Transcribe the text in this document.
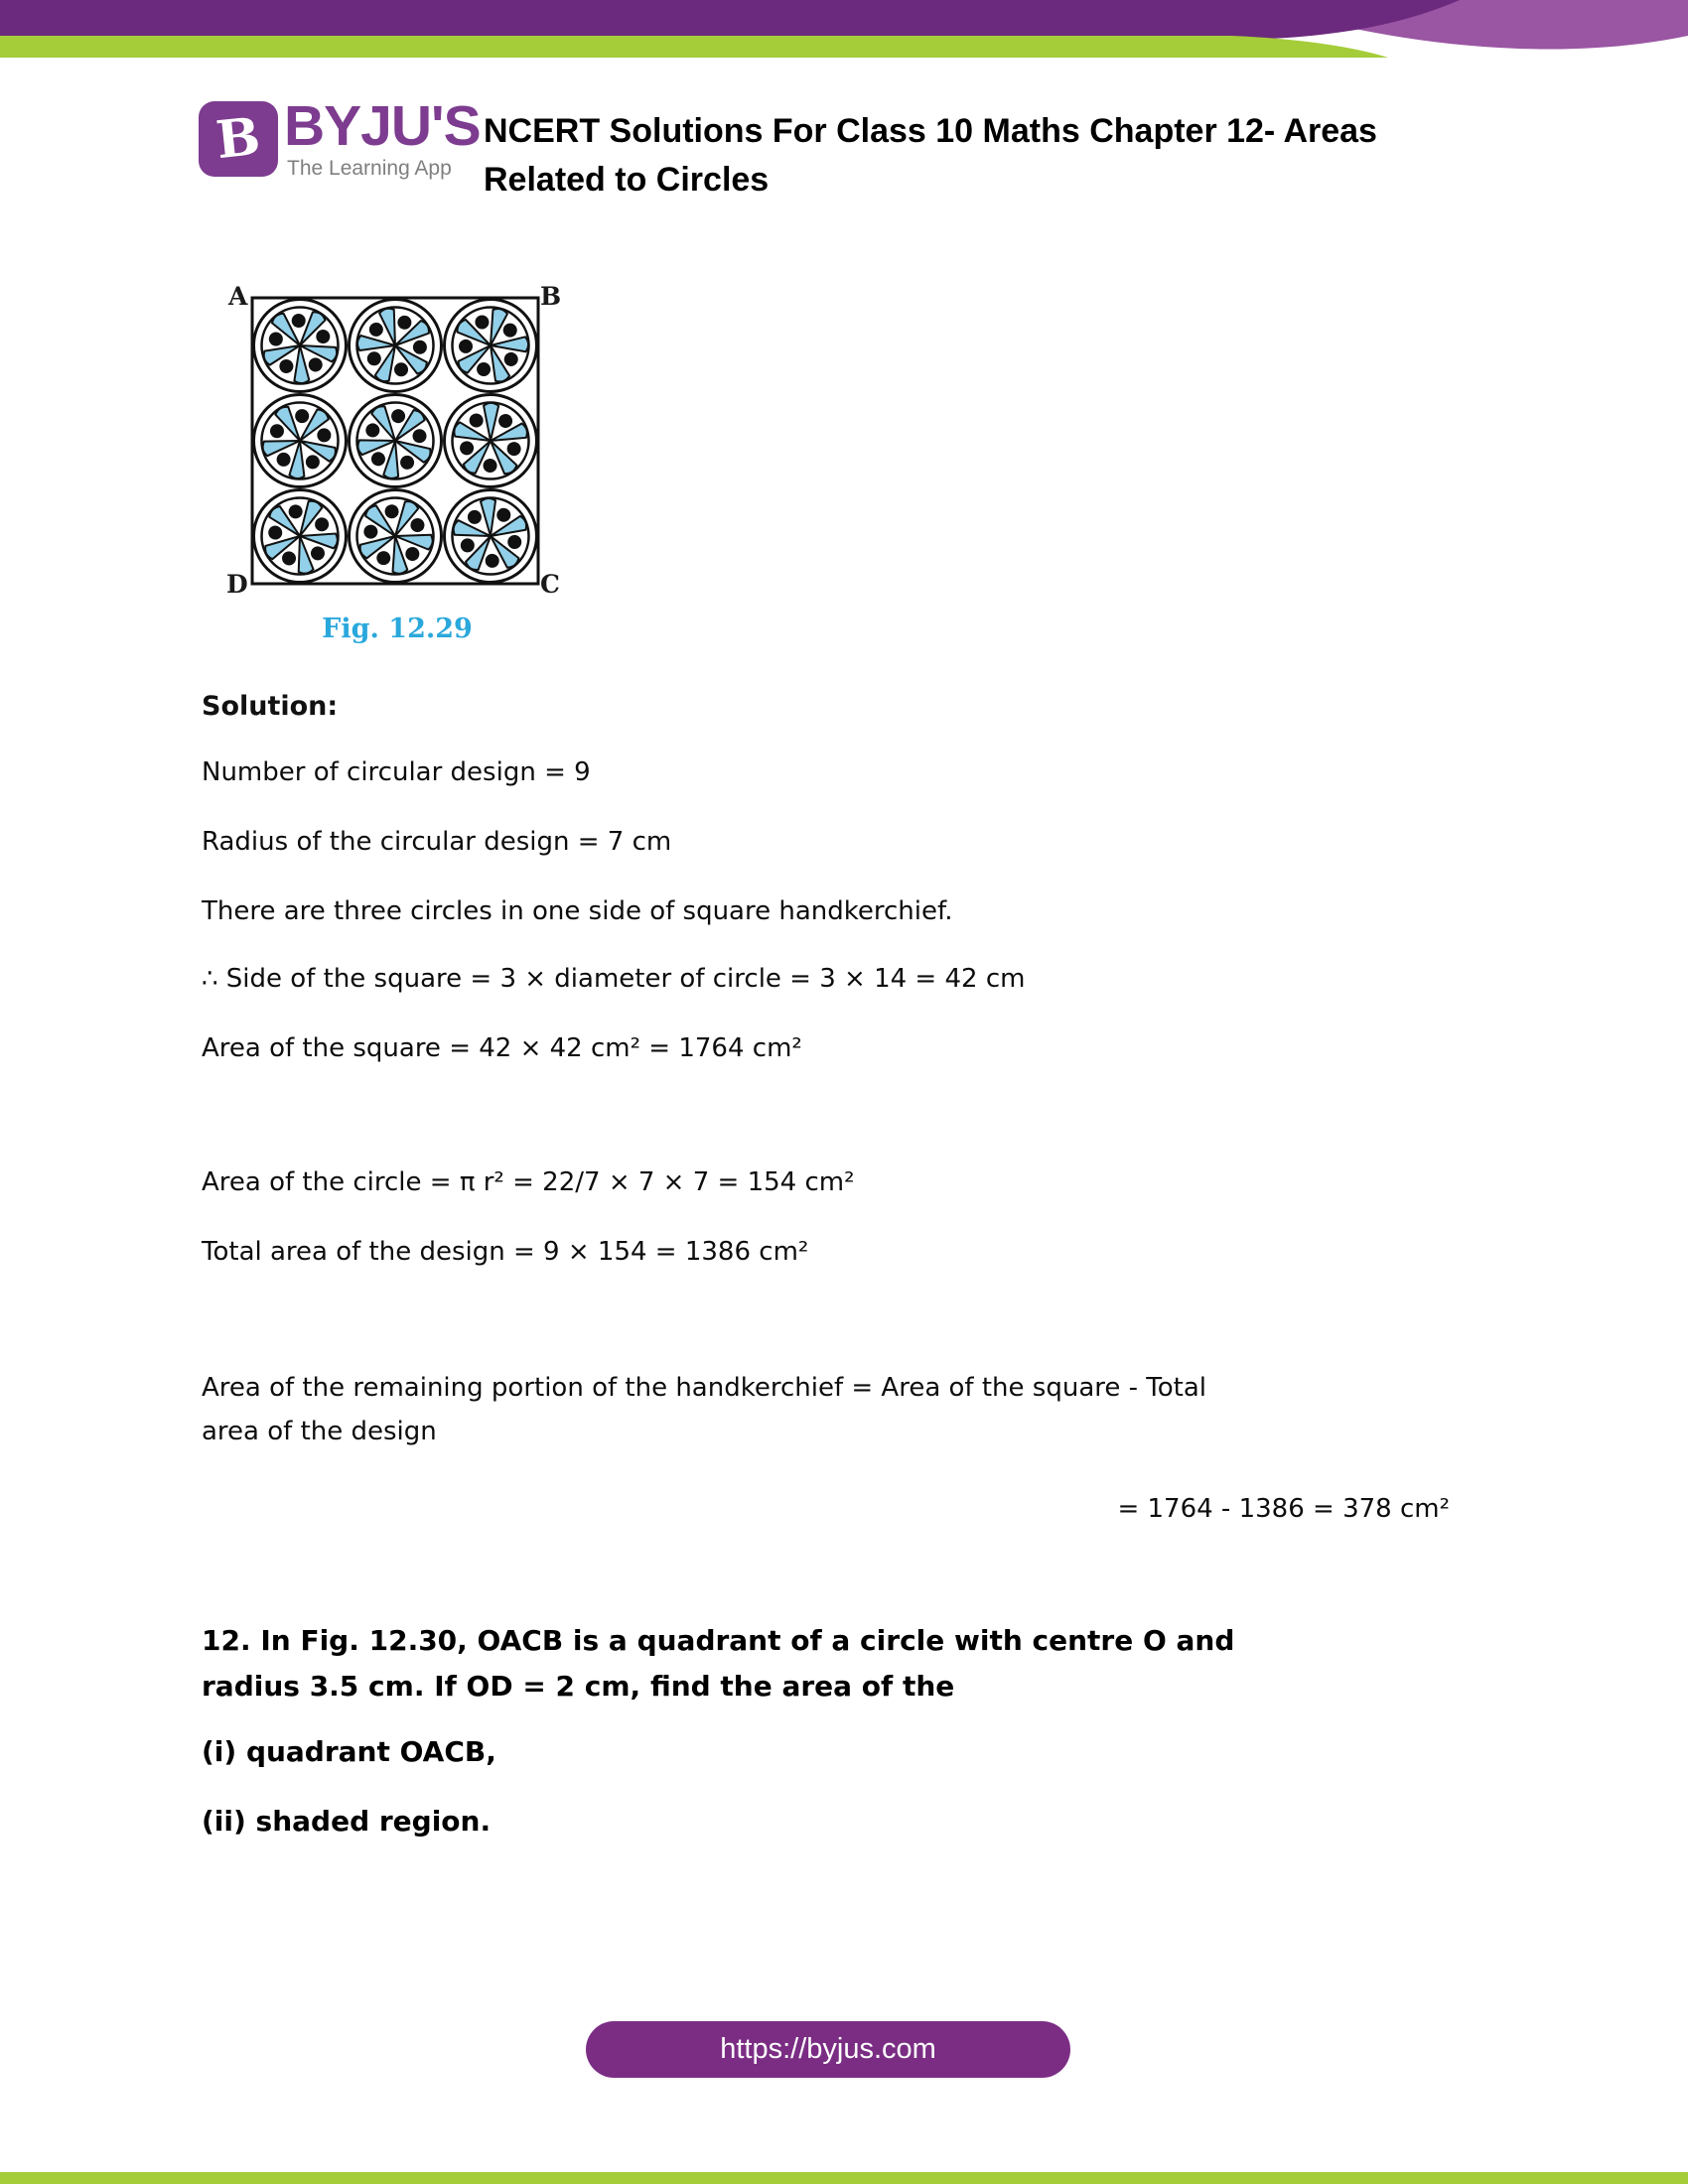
B BYJU'S
The Learning App
NCERT Solutions For Class 10 Maths Chapter 12- Areas
Related to Circles
A	B
D	C
Fig. 12.29
Solution:

Number of circular design = 9

Radius of the circular design = 7 cm

There are three circles in one side of square handkerchief.

∴ Side of the square = 3 × diameter of circle = 3 × 14 = 42 cm

Area of the square = 42 × 42 cm² = 1764 cm²

Area of the circle = π r² = 22/7 × 7 × 7 = 154 cm²

Total area of the design = 9 × 154 = 1386 cm²

Area of the remaining portion of the handkerchief = Area of the square - Total

area of the design

= 1764 - 1386 = 378 cm²

12. In Fig. 12.30, OACB is a quadrant of a circle with centre O and
radius 3.5 cm. If OD = 2 cm, find the area of the
(i) quadrant OACB,
(ii) shaded region.
https://byjus.com
